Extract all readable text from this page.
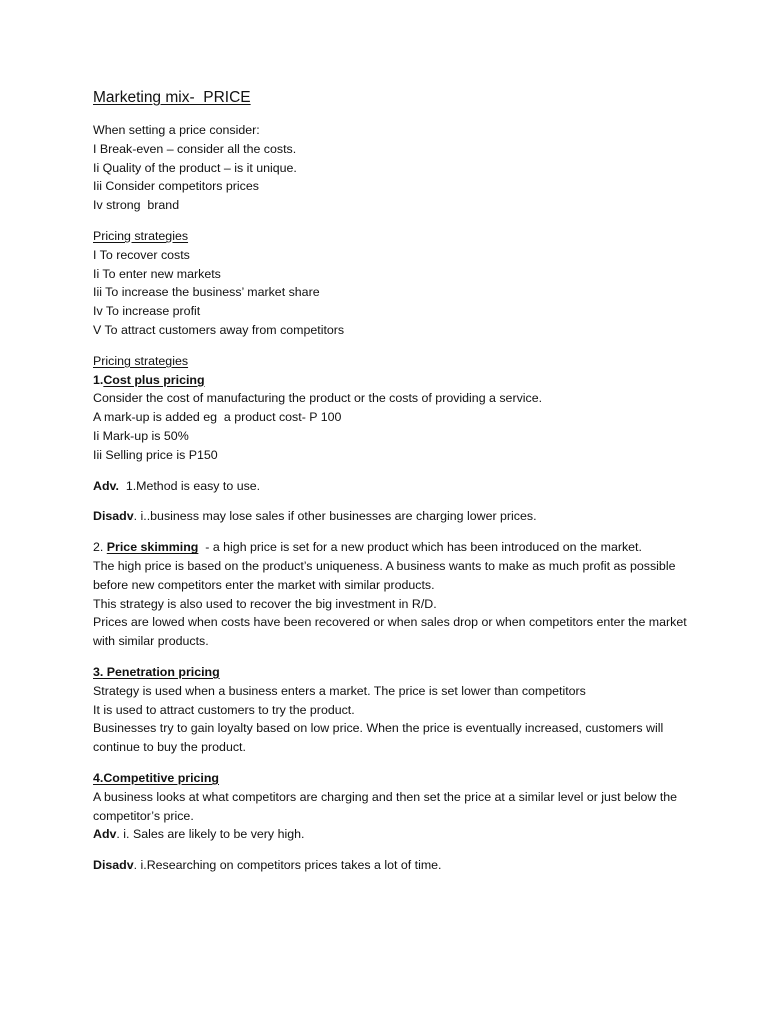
Marketing mix-  PRICE

When setting a price consider:

I Break-even – consider all the costs.

Ii Quality of the product – is it unique.

Iii Consider competitors prices

Iv strong  brand

Pricing strategies

I To recover costs

Ii To enter new markets

Iii To increase the business’ market share

Iv To increase profit

V To attract customers away from competitors

Pricing strategies

1.Cost plus pricing

Consider the cost of manufacturing the product or the costs of providing a service.

A mark-up is added eg  a product cost- P 100

Ii Mark-up is 50%

Iii Selling price is P150

Adv.  1.Method is easy to use.

Disadv. i..business may lose sales if other businesses are charging lower prices.

2. Price skimming  - a high price is set for a new product which has been introduced on the market.

The high price is based on the product’s uniqueness. A business wants to make as much profit as possible before new competitors enter the market with similar products.

This strategy is also used to recover the big investment in R/D.

Prices are lowed when costs have been recovered or when sales drop or when competitors enter the market with similar products.

3. Penetration pricing

Strategy is used when a business enters a market. The price is set lower than competitors

It is used to attract customers to try the product.

Businesses try to gain loyalty based on low price. When the price is eventually increased, customers will continue to buy the product.

4.Competitive pricing

A business looks at what competitors are charging and then set the price at a similar level or just below the competitor’s price.

Adv. i. Sales are likely to be very high.

Disadv. i.Researching on competitors prices takes a lot of time.
